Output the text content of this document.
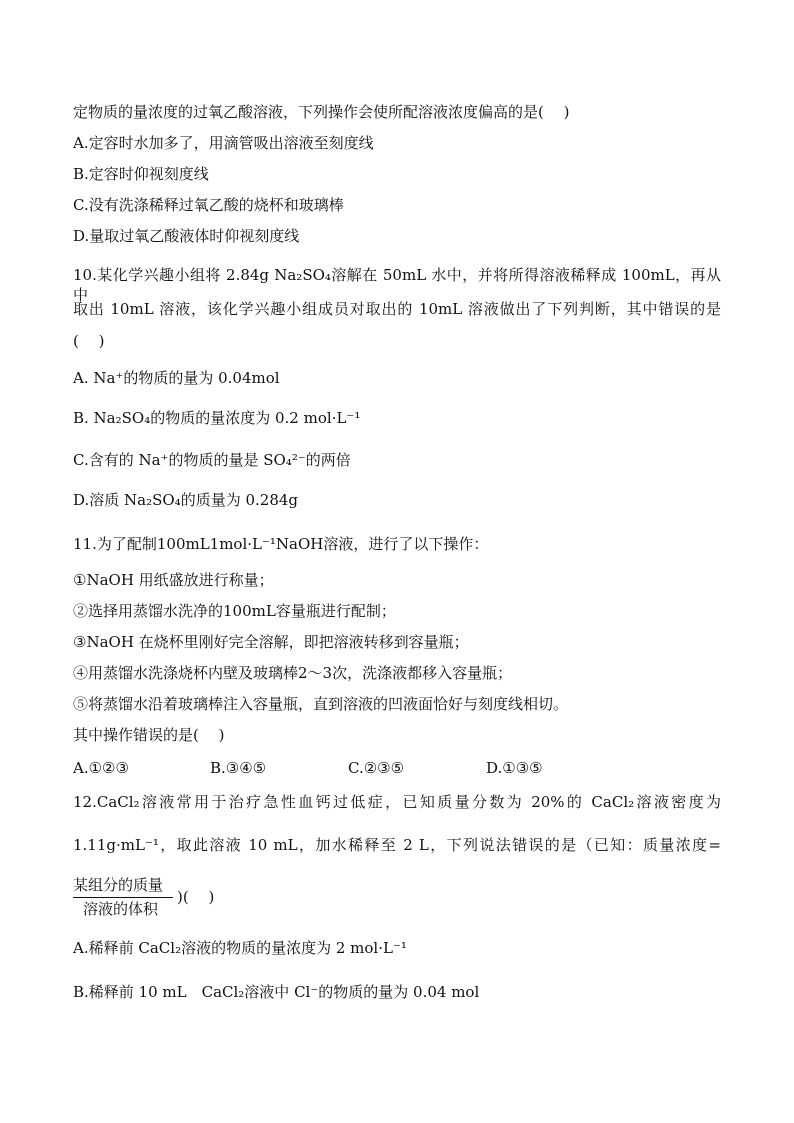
定物质的量浓度的过氧乙酸溶液，下列操作会使所配溶液浓度偏高的是(　 )
A.定容时水加多了，用滴管吸出溶液至刻度线
B.定容时仰视刻度线
C.没有洗涤稀释过氧乙酸的烧杯和玻璃棒
D.量取过氧乙酸液体时仰视刻度线
10.某化学兴趣小组将 2.84g Na₂SO₄溶解在 50mL 水中，并将所得溶液稀释成 100mL，再从中
取出 10mL 溶液，该化学兴趣小组成员对取出的 10mL 溶液做出了下列判断，其中错误的是
(　 )
A. Na⁺的物质的量为 0.04mol
B. Na₂SO₄的物质的量浓度为 0.2 mol·L⁻¹
C.含有的 Na⁺的物质的量是 SO₄²⁻的两倍
D.溶质 Na₂SO₄的质量为 0.284g
11.为了配制100mL1mol·L⁻¹NaOH溶液，进行了以下操作：
①NaOH 用纸盛放进行称量；
②选择用蒸馏水洗净的100mL容量瓶进行配制；
③NaOH 在烧杯里刚好完全溶解，即把溶液转移到容量瓶；
④用蒸馏水洗涤烧杯内壁及玻璃棒2～3次，洗涤液都移入容量瓶；
⑤将蒸馏水沿着玻璃棒注入容量瓶，直到溶液的凹液面恰好与刻度线相切。
其中操作错误的是(　 )
A.①②③	B.③④⑤	C.②③⑤	D.①③⑤
12.CaCl₂溶液常用于治疗急性血钙过低症，已知质量分数为 20%的 CaCl₂溶液密度为
1.11g·mL⁻¹，取此溶液 10 mL，加水稀释至 2 L，下列说法错误的是（已知：质量浓度=
某组分的质量
溶液的体积
)(　 )
A.稀释前 CaCl₂溶液的物质的量浓度为 2 mol·L⁻¹
B.稀释前 10 mL　CaCl₂溶液中 Cl⁻的物质的量为 0.04 mol
